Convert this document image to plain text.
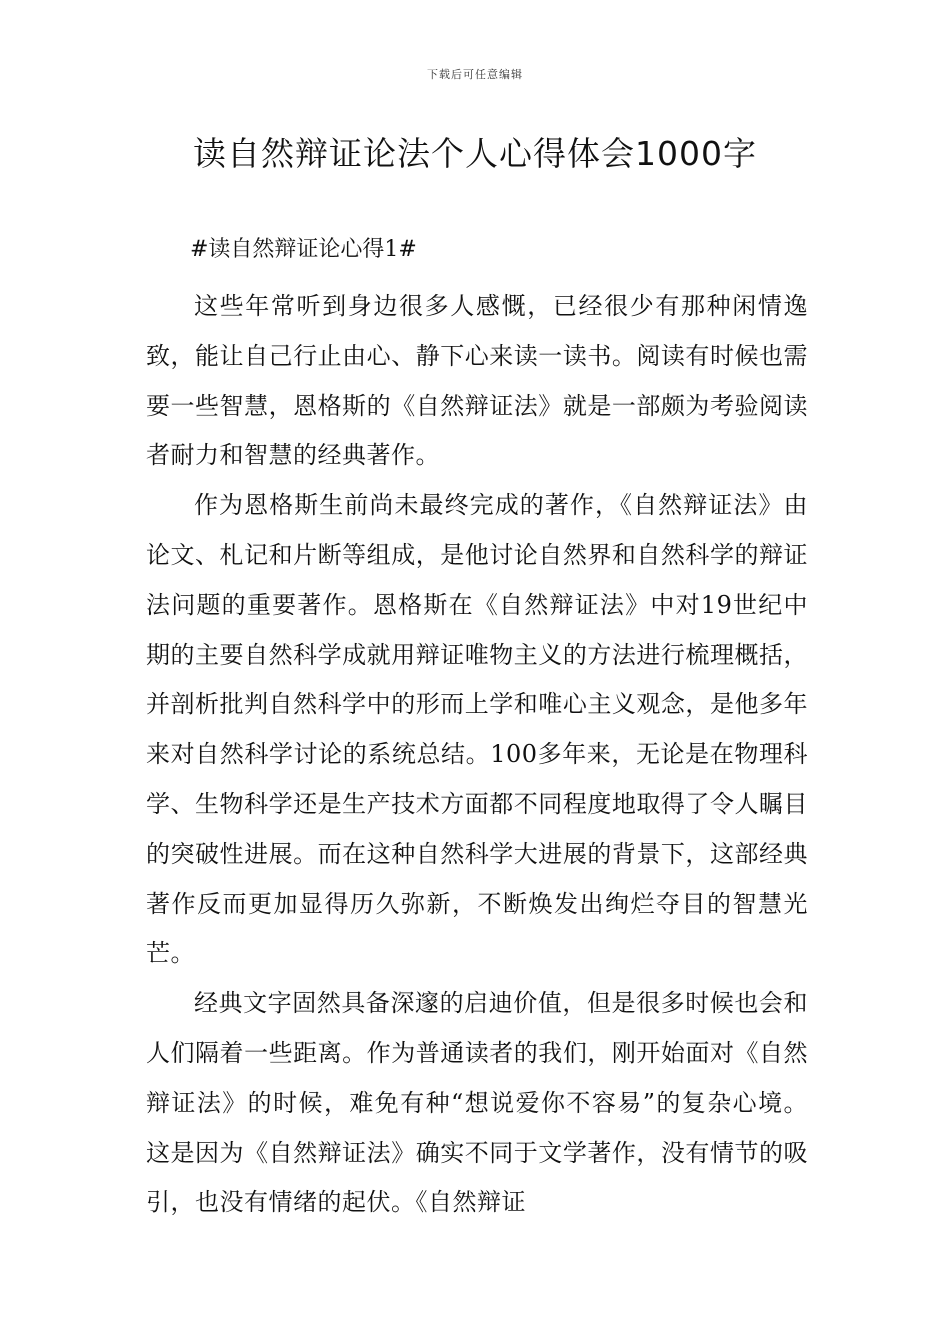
下载后可任意编辑
读自然辩证论法个人心得体会1000字
#读自然辩证论心得1#

这些年常听到身边很多人感慨，已经很少有那种闲情逸致，能让自己行止由心、静下心来读一读书。阅读有时候也需要一些智慧，恩格斯的《自然辩证法》就是一部颇为考验阅读者耐力和智慧的经典著作。

作为恩格斯生前尚未最终完成的著作，《自然辩证法》由论文、札记和片断等组成，是他讨论自然界和自然科学的辩证法问题的重要著作。恩格斯在《自然辩证法》中对19世纪中期的主要自然科学成就用辩证唯物主义的方法进行梳理概括，并剖析批判自然科学中的形而上学和唯心主义观念，是他多年来对自然科学讨论的系统总结。100多年来，无论是在物理科学、生物科学还是生产技术方面都不同程度地取得了令人瞩目的突破性进展。而在这种自然科学大进展的背景下，这部经典著作反而更加显得历久弥新，不断焕发出绚烂夺目的智慧光芒。

经典文字固然具备深邃的启迪价值，但是很多时候也会和人们隔着一些距离。作为普通读者的我们，刚开始面对《自然辩证法》的时候，难免有种“想说爱你不容易”的复杂心境。这是因为《自然辩证法》确实不同于文学著作，没有情节的吸引，也没有情绪的起伏。《自然辩证
